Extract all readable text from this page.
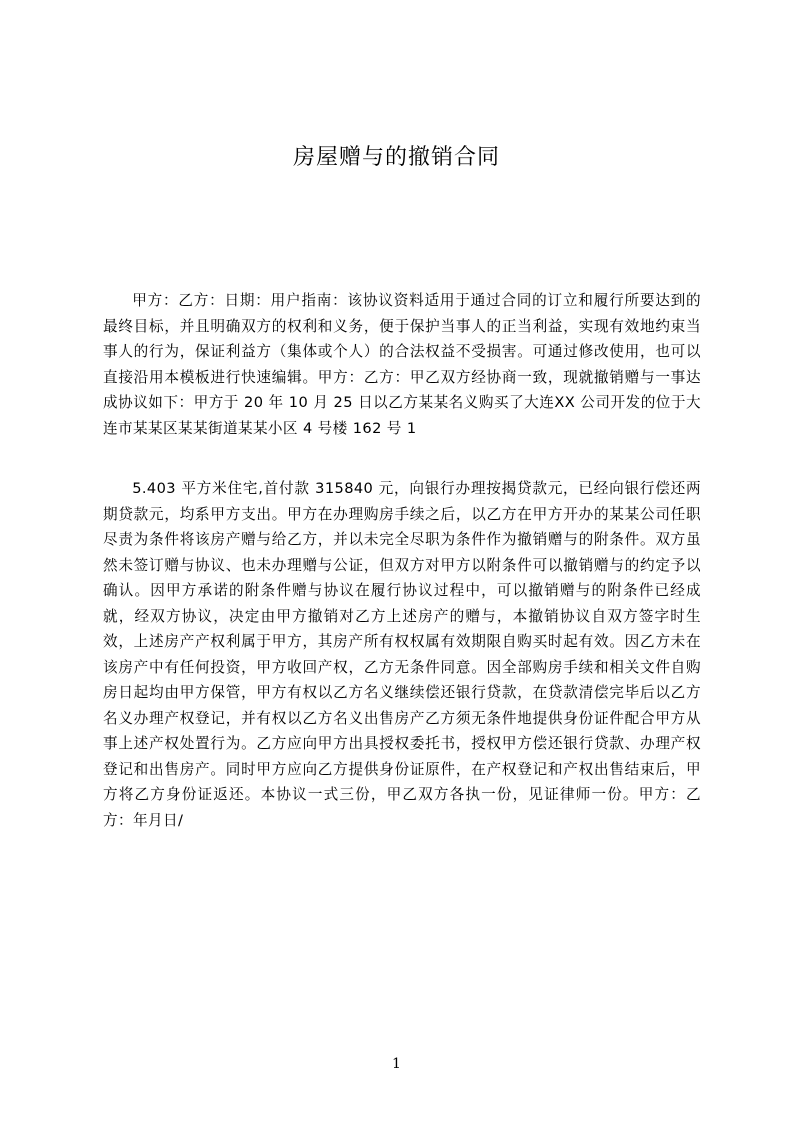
房屋赠与的撤销合同
甲方：乙方：日期：用户指南：该协议资料适用于通过合同的订立和履行所要达到的最终目标，并且明确双方的权利和义务，便于保护当事人的正当利益，实现有效地约束当事人的行为，保证利益方（集体或个人）的合法权益不受损害。可通过修改使用，也可以直接沿用本模板进行快速编辑。甲方：乙方：甲乙双方经协商一致，现就撤销赠与一事达成协议如下：甲方于 20 年 10 月 25 日以乙方某某名义购买了大连XX 公司开发的位于大连市某某区某某街道某某小区 4 号楼 162 号 1
5.403 平方米住宅,首付款 315840 元，向银行办理按揭贷款元，已经向银行偿还两期贷款元，均系甲方支出。甲方在办理购房手续之后，以乙方在甲方开办的某某公司任职尽责为条件将该房产赠与给乙方，并以未完全尽职为条件作为撤销赠与的附条件。双方虽然未签订赠与协议、也未办理赠与公证，但双方对甲方以附条件可以撤销赠与的约定予以确认。因甲方承诺的附条件赠与协议在履行协议过程中，可以撤销赠与的附条件已经成就，经双方协议，决定由甲方撤销对乙方上述房产的赠与，本撤销协议自双方签字时生效，上述房产产权利属于甲方，其房产所有权权属有效期限自购买时起有效。因乙方未在该房产中有任何投资，甲方收回产权，乙方无条件同意。因全部购房手续和相关文件自购房日起均由甲方保管，甲方有权以乙方名义继续偿还银行贷款，在贷款清偿完毕后以乙方名义办理产权登记，并有权以乙方名义出售房产乙方须无条件地提供身份证件配合甲方从事上述产权处置行为。乙方应向甲方出具授权委托书，授权甲方偿还银行贷款、办理产权登记和出售房产。同时甲方应向乙方提供身份证原件，在产权登记和产权出售结束后，甲方将乙方身份证返还。本协议一式三份，甲乙双方各执一份，见证律师一份。甲方：乙方：年月日/
1
